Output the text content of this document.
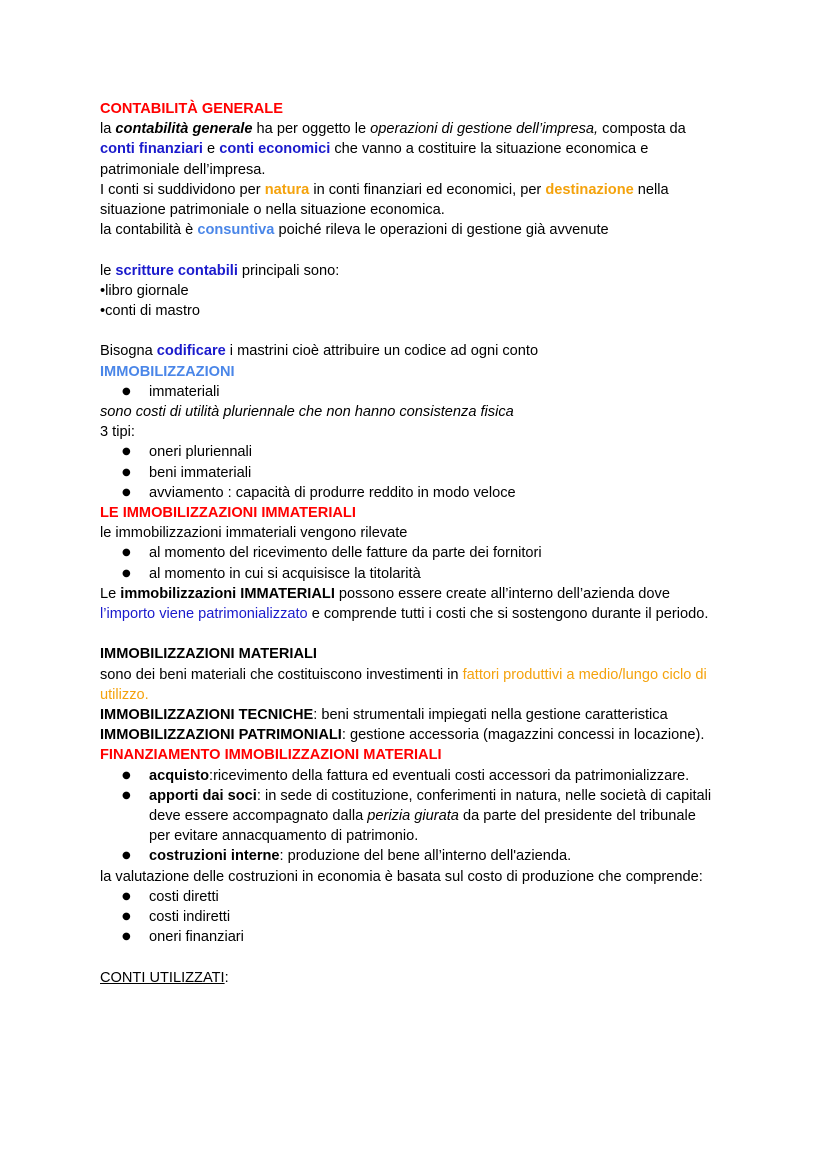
CONTABILITÀ GENERALE

la contabilità generale ha per oggetto le operazioni di gestione dell’impresa, composta da conti finanziari e conti economici che vanno a costituire la situazione economica e patrimoniale dell’impresa.

I conti si suddividono per natura in conti finanziari ed economici, per destinazione nella situazione patrimoniale o nella situazione economica.

la contabilità è consuntiva poiché rileva le operazioni di gestione già avvenute

le scritture contabili principali sono:

•libro giornale

•conti di mastro

Bisogna codificare i mastrini cioè attribuire un codice ad ogni conto

IMMOBILIZZAZIONI

● immateriali

sono costi di utilità pluriennale che non hanno consistenza fisica

3 tipi:

● oneri pluriennali
● beni immateriali
● avviamento : capacità di produrre reddito in modo veloce

LE IMMOBILIZZAZIONI IMMATERIALI

le immobilizzazioni immateriali vengono rilevate

● al momento del ricevimento delle fatture da parte dei fornitori
● al momento in cui si acquisisce la titolarità

Le immobilizzazioni IMMATERIALI possono essere create all’interno dell’azienda dove l’importo viene patrimonializzato e comprende tutti i costi che si sostengono durante il periodo.

IMMOBILIZZAZIONI MATERIALI

sono dei beni materiali che costituiscono investimenti in fattori produttivi a medio/lungo ciclo di utilizzo.

IMMOBILIZZAZIONI TECNICHE: beni strumentali impiegati nella gestione caratteristica

IMMOBILIZZAZIONI PATRIMONIALI: gestione accessoria (magazzini concessi in locazione).

FINANZIAMENTO IMMOBILIZZAZIONI MATERIALI

● acquisto:ricevimento della fattura ed eventuali costi accessori da patrimonializzare.
● apporti dai soci: in sede di costituzione, conferimenti in natura, nelle società di capitali deve essere accompagnato dalla perizia giurata da parte del presidente del tribunale per evitare annacquamento di patrimonio.
● costruzioni interne: produzione del bene all’interno dell'azienda.

la valutazione delle costruzioni in economia è basata sul costo di produzione che comprende:

● costi diretti
● costi indiretti
● oneri finanziari

CONTI UTILIZZATI:
